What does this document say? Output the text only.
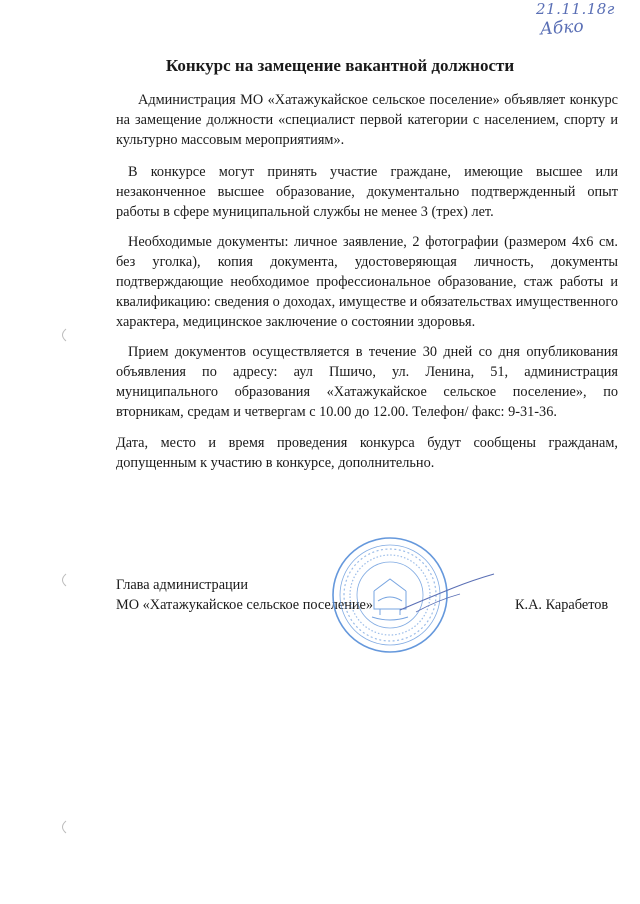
21.11.18г
Абко
Конкурс на замещение вакантной должности
Администрация МО «Хатажукайское сельское поселение» объявляет конкурс на замещение должности «специалист первой категории с населением, спорту и культурно массовым мероприятиям».
В конкурсе могут принять участие граждане, имеющие высшее или незаконченное высшее образование, документально подтвержденный опыт работы в сфере муниципальной службы не менее 3 (трех) лет.
Необходимые документы: личное заявление, 2 фотографии (размером 4х6 см. без уголка), копия документа, удостоверяющая личность, документы подтверждающие необходимое профессиональное образование, стаж работы и квалификацию: сведения о доходах, имуществе и обязательствах имущественного характера, медицинское заключение о состоянии здоровья.
Прием документов осуществляется в течение 30 дней со дня опубликования объявления по адресу: аул Пшичо, ул. Ленина, 51, администрация муниципального образования «Хатажукайское сельское поселение», по вторникам, средам и четвергам с 10.00 до 12.00. Телефон/ факс: 9-31-36.
Дата, место и время проведения конкурса будут сообщены гражданам, допущенным к участию в конкурсе, дополнительно.
Глава администрации
МО «Хатажукайское сельское поселение»	К.А. Карабетов
